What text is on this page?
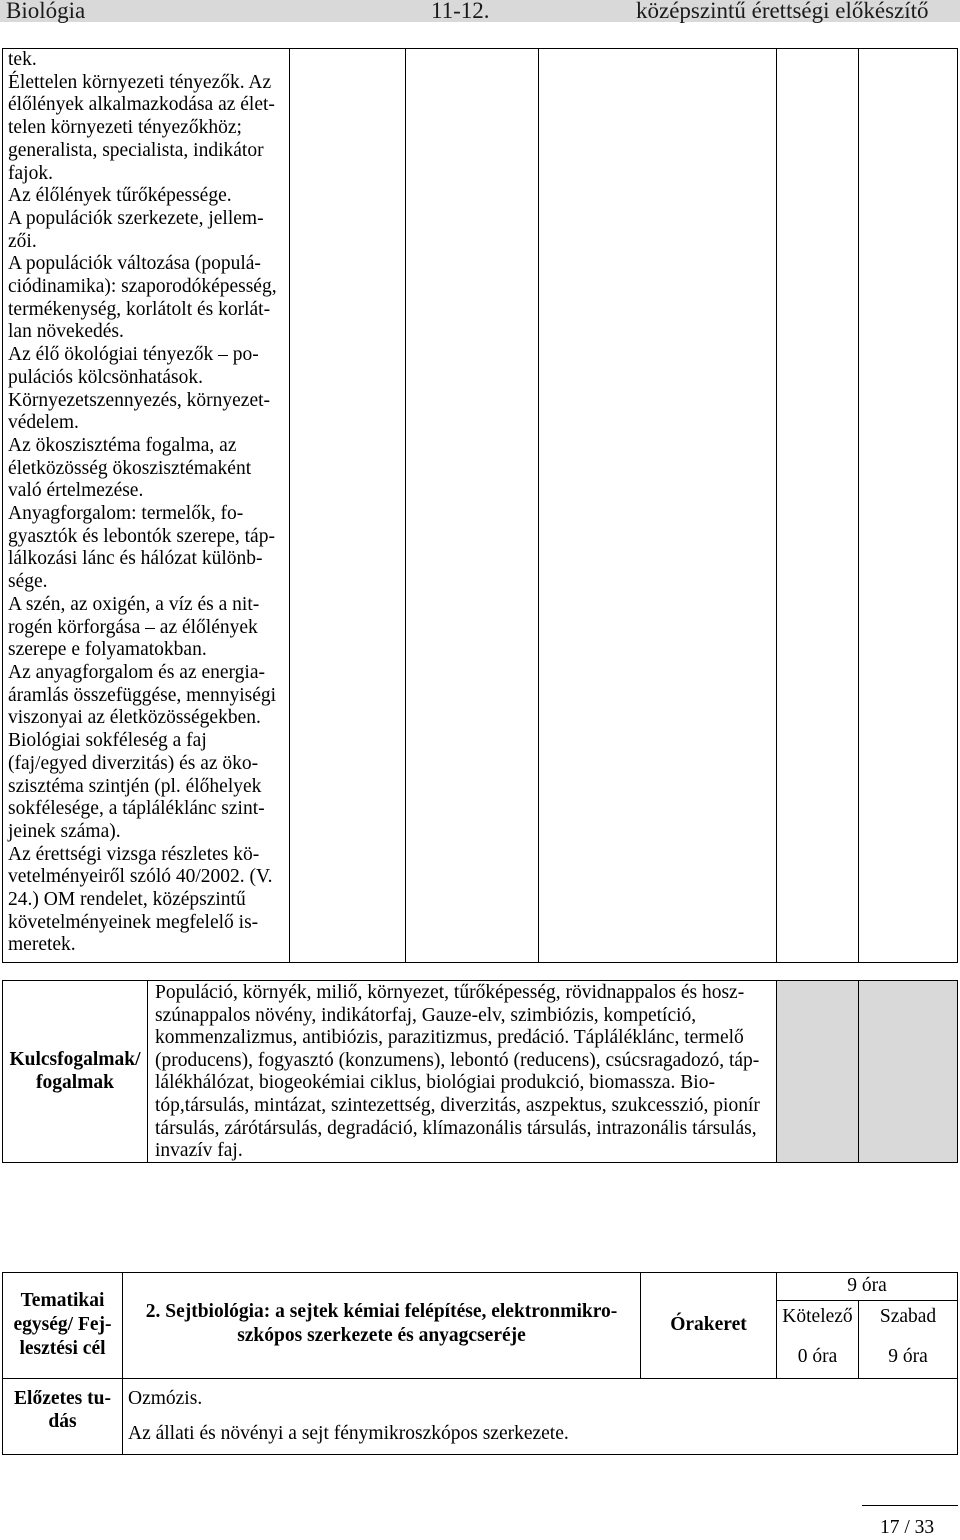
Biológia	11-12.	középszintű érettségi előkészítő
tek.
Élettelen környezeti tényezők. Az
élőlények alkalmazkodása az élet-
telen környezeti tényezőkhöz;
generalista, specialista, indikátor
fajok.
Az élőlények tűrőképessége.
A populációk szerkezete, jellem-
zői.
A populációk változása (populá-
ciódinamika): szaporodóképesség,
termékenység, korlátolt és korlát-
lan növekedés.
Az élő ökológiai tényezők – po-
pulációs kölcsönhatások.
Környezetszennyezés, környezet-
védelem.
Az ökoszisztéma fogalma, az
életközösség ökoszisztémaként
való értelmezése.
Anyagforgalom: termelők, fo-
gyasztók és lebontók szerepe, táp-
lálkozási lánc és hálózat különb-
sége.
A szén, az oxigén, a víz és a nit-
rogén körforgása – az élőlények
szerepe e folyamatokban.
Az anyagforgalom és az energia-
áramlás összefüggése, mennyiségi
viszonyai az életközösségekben.
Biológiai sokféleség a faj
(faj/egyed diverzitás) és az öko-
szisztéma szintjén (pl. élőhelyek
sokfélesége, a tápláléklánc szint-
jeinek száma).
Az érettségi vizsga részletes kö-
vetelményeiről szóló 40/2002. (V.
24.) OM rendelet, középszintű
követelményeinek megfelelő is-
meretek.
Kulcsfogalmak/
fogalmak
Populáció, környék, miliő, környezet, tűrőképesség, rövidnappalos és hosz-
szúnappalos növény, indikátorfaj, Gauze-elv, szimbiózis, kompetíció,
kommenzalizmus, antibiózis, parazitizmus, predáció. Tápláléklánc, termelő
(producens), fogyasztó (konzumens), lebontó (reducens), csúcsragadozó, táp-
lálékhálózat, biogeokémiai ciklus, biológiai produkció, biomassza. Bio-
tóp,társulás, mintázat, szintezettség, diverzitás, aszpektus, szukcesszió, pionír
társulás, zárótársulás, degradáció, klímazonális társulás, intrazonális társulás,
invazív faj.
Tematikai
egység/ Fej-
lesztési cél
2. Sejtbiológia: a sejtek kémiai felépítése, elektronmikro-
szkópos szerkezete és anyagcseréje
Órakeret
9 óra
Kötelező
0 óra
Szabad
9 óra
Előzetes tu-
dás
Ozmózis.
Az állati és növényi a sejt fénymikroszkópos szerkezete.
17 / 33
